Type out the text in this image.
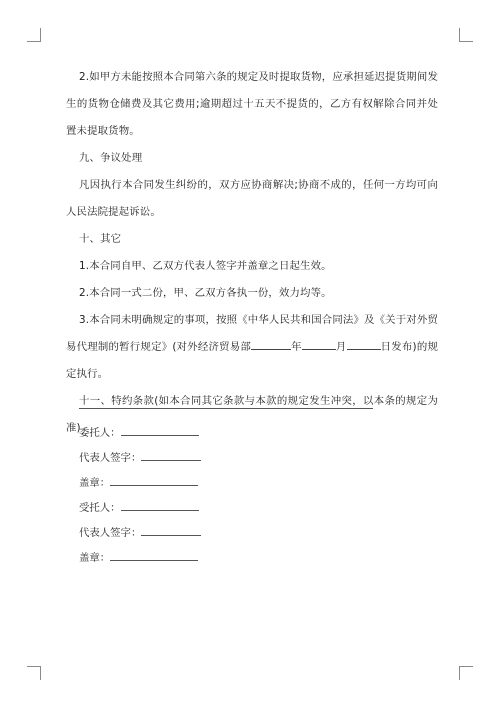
2.如甲方未能按照本合同第六条的规定及时提取货物，应承担延迟提货期间发生的货物仓储费及其它费用;逾期超过十五天不提货的，乙方有权解除合同并处置未提取货物。

九、争议处理

凡因执行本合同发生纠纷的，双方应协商解决;协商不成的，任何一方均可向人民法院提起诉讼。

十、其它

1.本合同自甲、乙双方代表人签字并盖章之日起生效。

2.本合同一式二份，甲、乙双方各执一份，效力均等。

3.本合同未明确规定的事项，按照《中华人民共和国合同法》及《关于对外贸易代理制的暂行规定》(对外经济贸易部	年	月	日发布)的规定执行。

十一、特约条款(如本合同其它条款与本款的规定发生冲突，以本条的规定为准)

委托人：
代表人签字：
盖章：
受托人：
代表人签字：
盖章：
